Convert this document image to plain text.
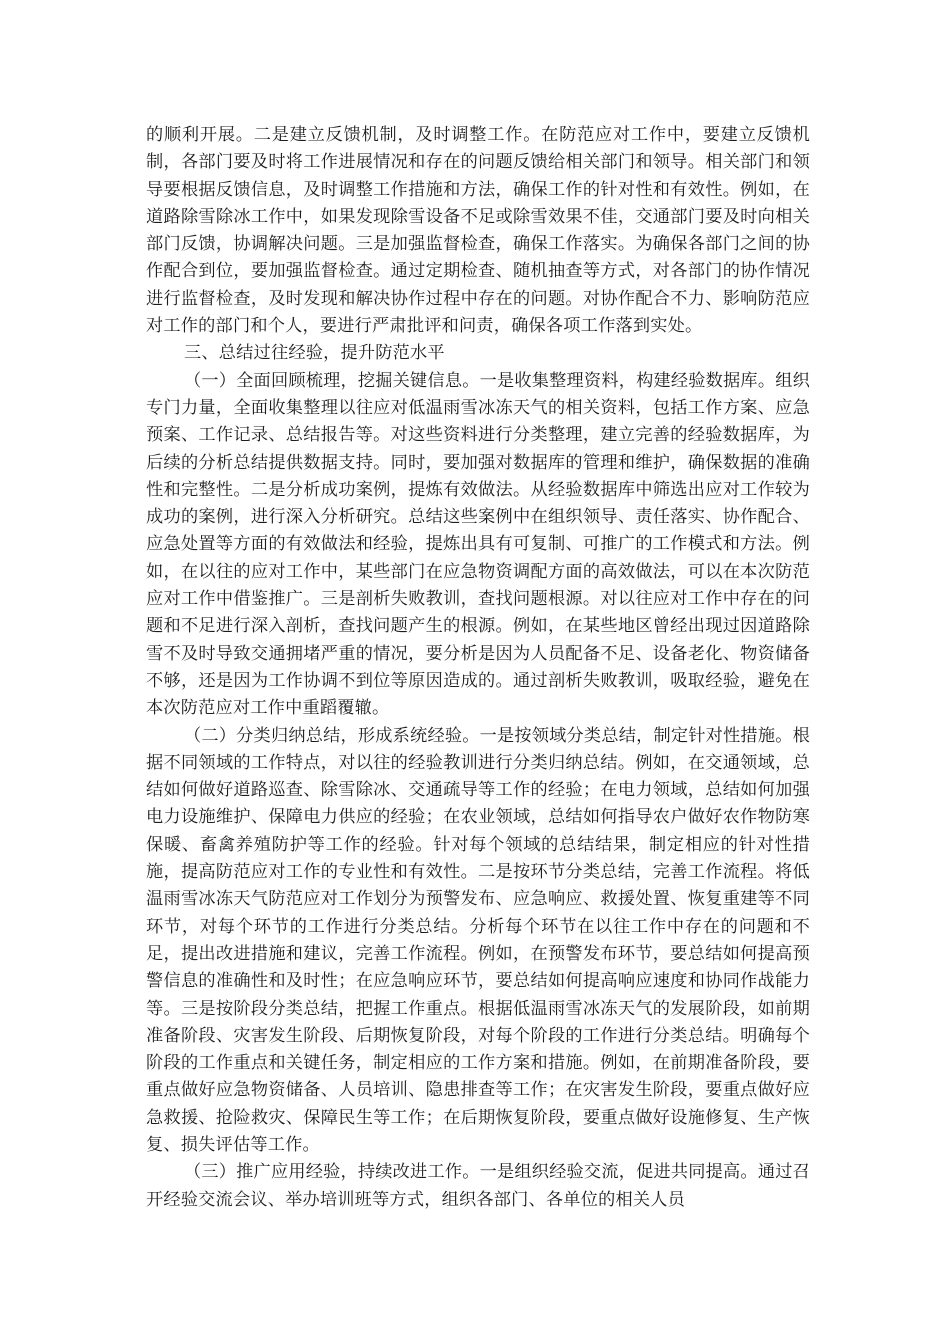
的顺利开展。二是建立反馈机制，及时调整工作。在防范应对工作中，要建立反馈机制，各部门要及时将工作进展情况和存在的问题反馈给相关部门和领导。相关部门和领导要根据反馈信息，及时调整工作措施和方法，确保工作的针对性和有效性。例如，在道路除雪除冰工作中，如果发现除雪设备不足或除雪效果不佳，交通部门要及时向相关部门反馈，协调解决问题。三是加强监督检查，确保工作落实。为确保各部门之间的协作配合到位，要加强监督检查。通过定期检查、随机抽查等方式，对各部门的协作情况进行监督检查，及时发现和解决协作过程中存在的问题。对协作配合不力、影响防范应对工作的部门和个人，要进行严肃批评和问责，确保各项工作落到实处。

三、总结过往经验，提升防范水平

（一）全面回顾梳理，挖掘关键信息。一是收集整理资料，构建经验数据库。组织专门力量，全面收集整理以往应对低温雨雪冰冻天气的相关资料，包括工作方案、应急预案、工作记录、总结报告等。对这些资料进行分类整理，建立完善的经验数据库，为后续的分析总结提供数据支持。同时，要加强对数据库的管理和维护，确保数据的准确性和完整性。二是分析成功案例，提炼有效做法。从经验数据库中筛选出应对工作较为成功的案例，进行深入分析研究。总结这些案例中在组织领导、责任落实、协作配合、应急处置等方面的有效做法和经验，提炼出具有可复制、可推广的工作模式和方法。例如，在以往的应对工作中，某些部门在应急物资调配方面的高效做法，可以在本次防范应对工作中借鉴推广。三是剖析失败教训，查找问题根源。对以往应对工作中存在的问题和不足进行深入剖析，查找问题产生的根源。例如，在某些地区曾经出现过因道路除雪不及时导致交通拥堵严重的情况，要分析是因为人员配备不足、设备老化、物资储备不够，还是因为工作协调不到位等原因造成的。通过剖析失败教训，吸取经验，避免在本次防范应对工作中重蹈覆辙。

（二）分类归纳总结，形成系统经验。一是按领域分类总结，制定针对性措施。根据不同领域的工作特点，对以往的经验教训进行分类归纳总结。例如，在交通领域，总结如何做好道路巡查、除雪除冰、交通疏导等工作的经验；在电力领域，总结如何加强电力设施维护、保障电力供应的经验；在农业领域，总结如何指导农户做好农作物防寒保暖、畜禽养殖防护等工作的经验。针对每个领域的总结结果，制定相应的针对性措施，提高防范应对工作的专业性和有效性。二是按环节分类总结，完善工作流程。将低温雨雪冰冻天气防范应对工作划分为预警发布、应急响应、救援处置、恢复重建等不同环节，对每个环节的工作进行分类总结。分析每个环节在以往工作中存在的问题和不足，提出改进措施和建议，完善工作流程。例如，在预警发布环节，要总结如何提高预警信息的准确性和及时性；在应急响应环节，要总结如何提高响应速度和协同作战能力等。三是按阶段分类总结，把握工作重点。根据低温雨雪冰冻天气的发展阶段，如前期准备阶段、灾害发生阶段、后期恢复阶段，对每个阶段的工作进行分类总结。明确每个阶段的工作重点和关键任务，制定相应的工作方案和措施。例如，在前期准备阶段，要重点做好应急物资储备、人员培训、隐患排查等工作；在灾害发生阶段，要重点做好应急救援、抢险救灾、保障民生等工作；在后期恢复阶段，要重点做好设施修复、生产恢复、损失评估等工作。

（三）推广应用经验，持续改进工作。一是组织经验交流，促进共同提高。通过召开经验交流会议、举办培训班等方式，组织各部门、各单位的相关人员
